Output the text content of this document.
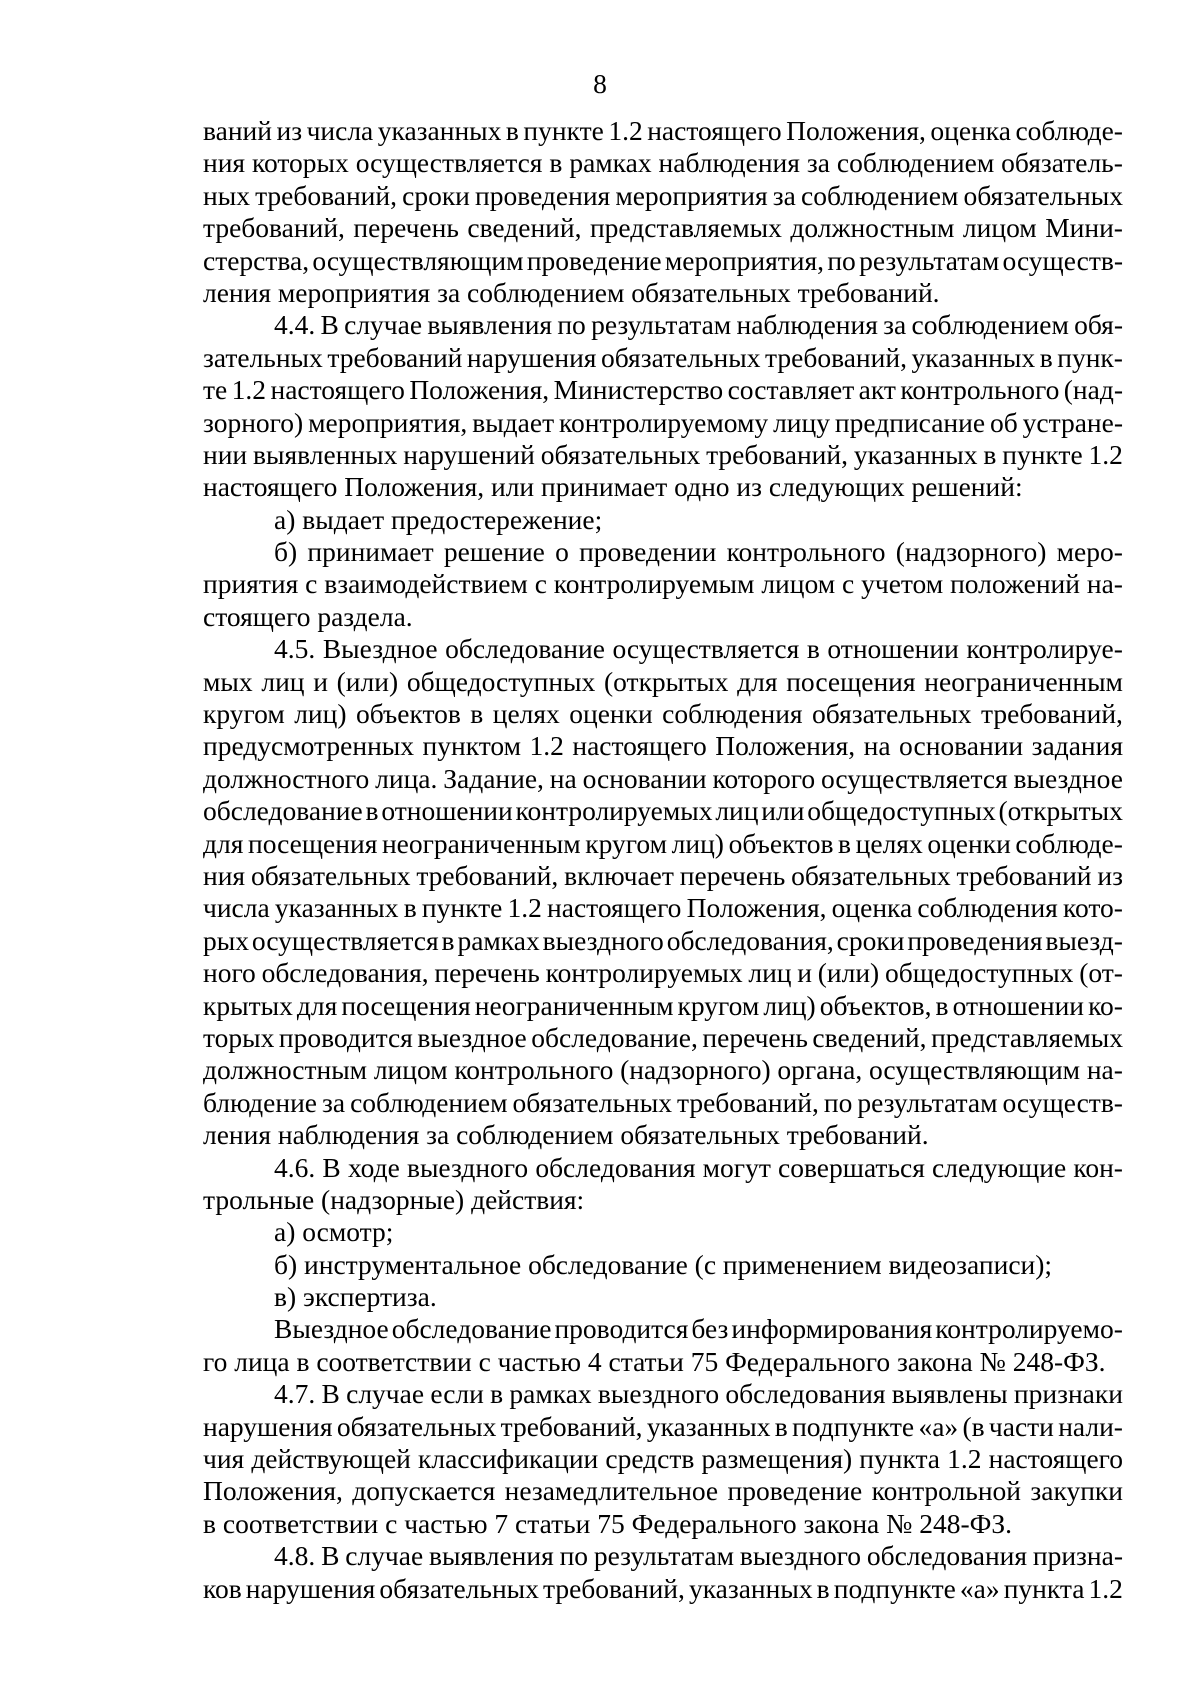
8
ваний из числа указанных в пункте 1.2 настоящего Положения, оценка соблюде-
ния которых осуществляется в рамках наблюдения за соблюдением обязатель-
ных требований, сроки проведения мероприятия за соблюдением обязательных
требований, перечень сведений, представляемых должностным лицом Мини-
стерства, осуществляющим проведение мероприятия, по результатам осуществ-
ления мероприятия за соблюдением обязательных требований.
4.4. В случае выявления по результатам наблюдения за соблюдением обя-
зательных требований нарушения обязательных требований, указанных в пунк-
те 1.2 настоящего Положения, Министерство составляет акт контрольного (над-
зорного) мероприятия, выдает контролируемому лицу предписание об устране-
нии выявленных нарушений обязательных требований, указанных в пункте 1.2
настоящего Положения, или принимает одно из следующих решений:
а) выдает предостережение;
б) принимает решение о проведении контрольного (надзорного) меро-
приятия с взаимодействием с контролируемым лицом с учетом положений на-
стоящего раздела.
4.5. Выездное обследование осуществляется в отношении контролируе-
мых лиц и (или) общедоступных (открытых для посещения неограниченным
кругом лиц) объектов в целях оценки соблюдения обязательных требований,
предусмотренных пунктом 1.2 настоящего Положения, на основании задания
должностного лица. Задание, на основании которого осуществляется выездное
обследование в отношении контролируемых лиц или общедоступных (открытых
для посещения неограниченным кругом лиц) объектов в целях оценки соблюде-
ния обязательных требований, включает перечень обязательных требований из
числа указанных в пункте 1.2 настоящего Положения, оценка соблюдения кото-
рых осуществляется в рамках выездного обследования, сроки проведения выезд-
ного обследования, перечень контролируемых лиц и (или) общедоступных (от-
крытых для посещения неограниченным кругом лиц) объектов, в отношении ко-
торых проводится выездное обследование, перечень сведений, представляемых
должностным лицом контрольного (надзорного) органа, осуществляющим на-
блюдение за соблюдением обязательных требований, по результатам осуществ-
ления наблюдения за соблюдением обязательных требований.
4.6. В ходе выездного обследования могут совершаться следующие кон-
трольные (надзорные) действия:
а) осмотр;
б) инструментальное обследование (с применением видеозаписи);
в) экспертиза.
Выездное обследование проводится без информирования контролируемо-
го лица в соответствии с частью 4 статьи 75 Федерального закона № 248-ФЗ.
4.7. В случае если в рамках выездного обследования выявлены признаки
нарушения обязательных требований, указанных в подпункте «а» (в части нали-
чия действующей классификации средств размещения) пункта 1.2 настоящего
Положения, допускается незамедлительное проведение контрольной закупки
в соответствии с частью 7 статьи 75 Федерального закона № 248-ФЗ.
4.8. В случае выявления по результатам выездного обследования призна-
ков нарушения обязательных требований, указанных в подпункте «а» пункта 1.2
